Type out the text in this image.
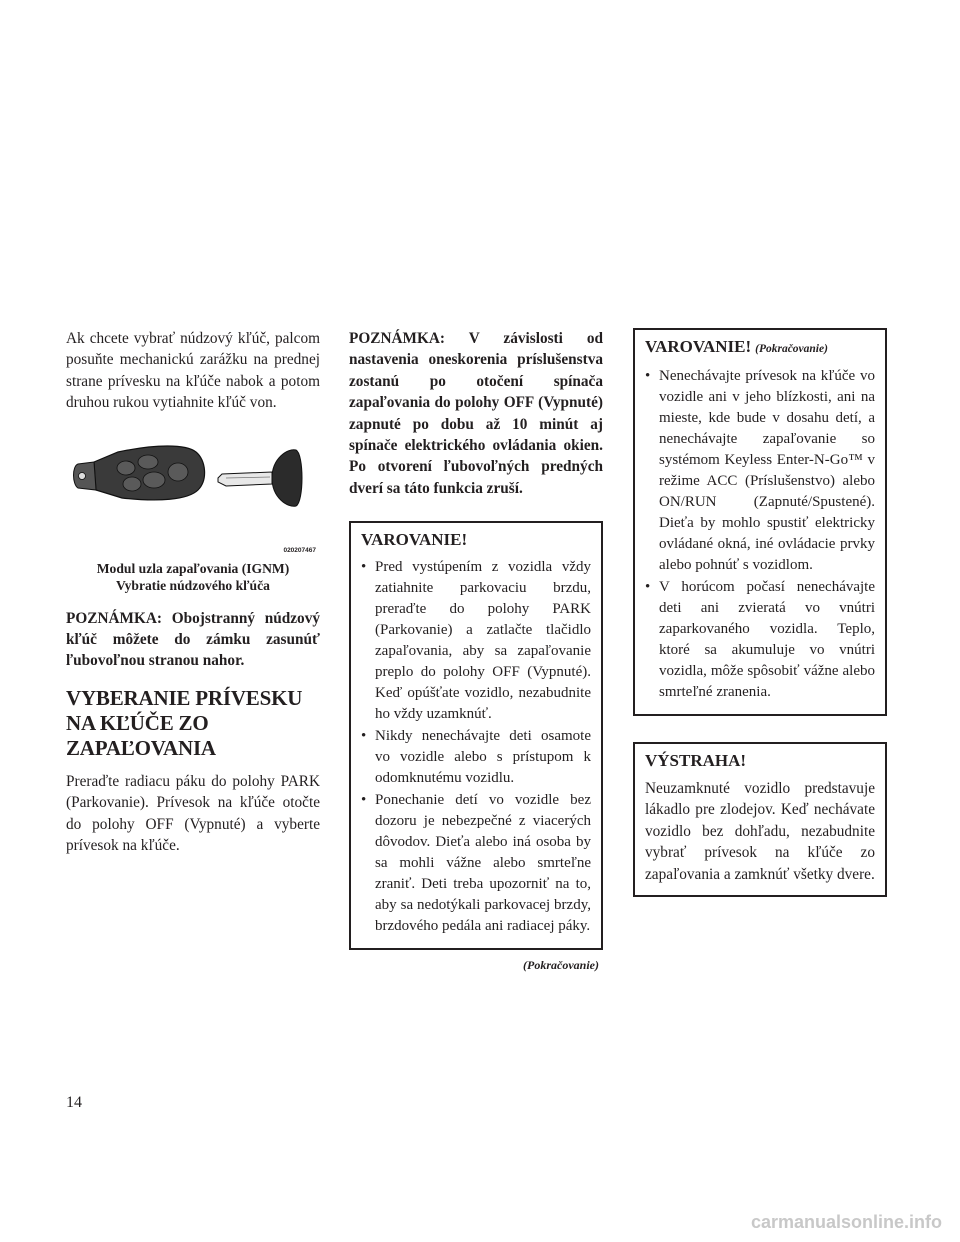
Ak chcete vybrať núdzový kľúč, palcom posuňte mechanickú zarážku na prednej strane prívesku na kľúče nabok a potom druhou rukou vytiahnite kľúč von.

020207467
Modul uzla zapaľovania (IGNM)
Vybratie núdzového kľúča

POZNÁMKA: Obojstranný núdzový kľúč môžete do zámku zasunúť ľubovoľnou stranou nahor.

VYBERANIE PRÍVESKU NA KĽÚČE ZO ZAPAĽOVANIA

Preraďte radiacu páku do polohy PARK (Parkovanie). Prívesok na kľúče otočte do polohy OFF (Vypnuté) a vyberte prívesok na kľúče.

POZNÁMKA: V závislosti od nastavenia oneskorenia príslušenstva zostanú po otočení spínača zapaľovania do polohy OFF (Vypnuté) zapnuté po dobu až 10 minút aj spínače elektrického ovládania okien. Po otvorení ľubovoľných predných dverí sa táto funkcia zruší.

VAROVANIE!
• Pred vystúpením z vozidla vždy zatiahnite parkovaciu brzdu, preraďte do polohy PARK (Parkovanie) a zatlačte tlačidlo zapaľovania, aby sa zapaľovanie preplo do polohy OFF (Vypnuté). Keď opúšťate vozidlo, nezabudnite ho vždy uzamknúť.
• Nikdy nenechávajte deti osamote vo vozidle alebo s prístupom k odomknutému vozidlu.
• Ponechanie detí vo vozidle bez dozoru je nebezpečné z viacerých dôvodov. Dieťa alebo iná osoba by sa mohli vážne alebo smrteľne zraniť. Deti treba upozorniť na to, aby sa nedotýkali parkovacej brzdy, brzdového pedála ani radiacej páky.
(Pokračovanie)
VAROVANIE! (Pokračovanie)
• Nenechávajte prívesok na kľúče vo vozidle ani v jeho blízkosti, ani na mieste, kde bude v dosahu detí, a nenechávajte zapaľovanie so systémom Keyless Enter-N-Go™ v režime ACC (Príslušenstvo) alebo ON/RUN (Zapnuté/Spustené). Dieťa by mohlo spustiť elektricky ovládané okná, iné ovládacie prvky alebo pohnúť s vozidlom.
• V horúcom počasí nenechávajte deti ani zvieratá vo vnútri zaparkovaného vozidla. Teplo, ktoré sa akumuluje vo vnútri vozidla, môže spôsobiť vážne alebo smrteľné zranenia.
VÝSTRAHA!

Neuzamknuté vozidlo predstavuje lákadlo pre zlodejov. Keď nechávate vozidlo bez dohľadu, nezabudnite vybrať prívesok na kľúče zo zapaľovania a zamknúť všetky dvere.

14
carmanualsonline.info
